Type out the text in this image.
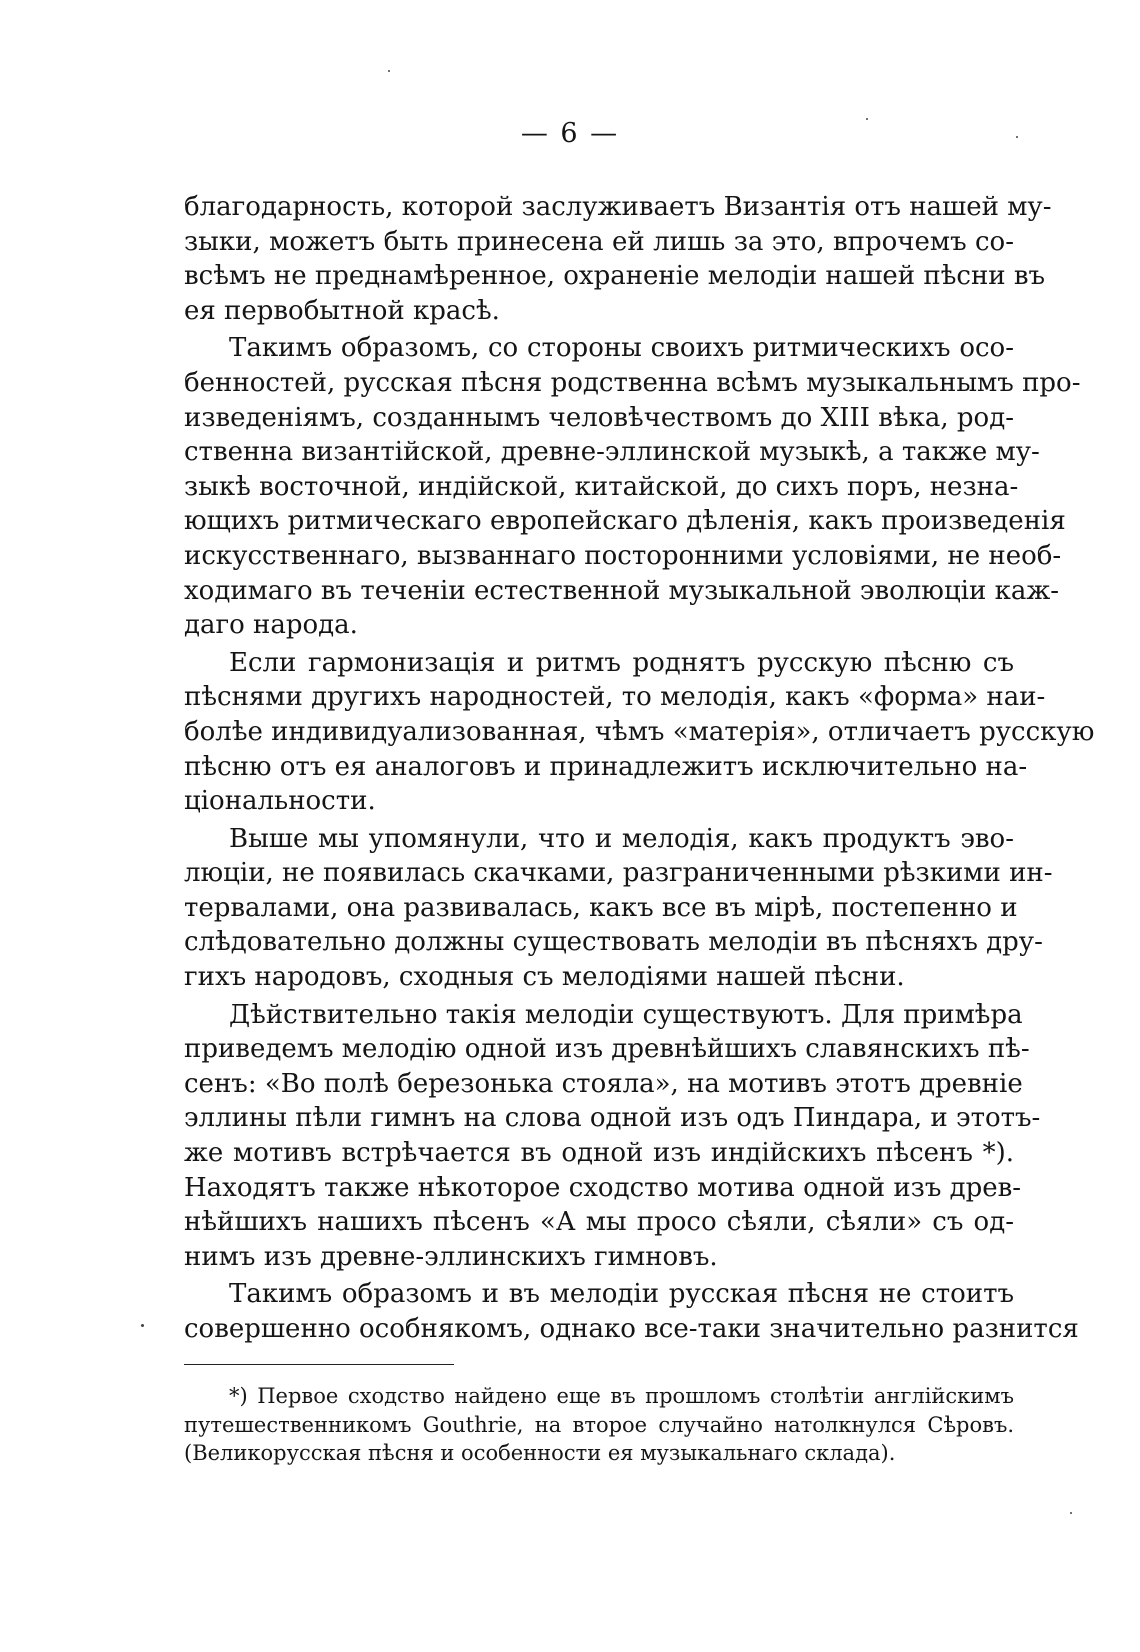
— 6 —
благодарность, которой заслуживаетъ Византія отъ нашей му-
зыки, можетъ быть принесена ей лишь за это, впрочемъ со-
всѣмъ не преднамѣренное, охраненіе мелодіи нашей пѣсни въ
ея первобытной красѣ.
Такимъ образомъ, со стороны своихъ ритмическихъ осо-
бенностей, русская пѣсня родственна всѣмъ музыкальнымъ про-
изведеніямъ, созданнымъ человѣчествомъ до XIII вѣка, род-
ственна византійской, древне-эллинской музыкѣ, а также му-
зыкѣ восточной, индійской, китайской, до сихъ поръ, незна-
ющихъ ритмическаго европейскаго дѣленія, какъ произведенія
искусственнаго, вызваннаго посторонними условіями, не необ-
ходимаго въ теченіи естественной музыкальной эволюціи каж-
даго народа.
Если гармонизація и ритмъ роднятъ русскую пѣсню съ
пѣснями другихъ народностей, то мелодія, какъ «форма» наи-
болѣе индивидуализованная, чѣмъ «матерія», отличаетъ русскую
пѣсню отъ ея аналоговъ и принадлежитъ исключительно на-
ціональности.
Выше мы упомянули, что и мелодія, какъ продуктъ эво-
люціи, не появилась скачками, разграниченными рѣзкими ин-
тервалами, она развивалась, какъ все въ мірѣ, постепенно и
слѣдовательно должны существовать мелодіи въ пѣсняхъ дру-
гихъ народовъ, сходныя съ мелодіями нашей пѣсни.
Дѣйствительно такія мелодіи существуютъ. Для примѣра
приведемъ мелодію одной изъ древнѣйшихъ славянскихъ пѣ-
сенъ: «Во полѣ березонька стояла», на мотивъ этотъ древніе
эллины пѣли гимнъ на слова одной изъ одъ Пиндара, и этотъ-
же мотивъ встрѣчается въ одной изъ индійскихъ пѣсенъ *).
Находятъ также нѣкоторое сходство мотива одной изъ древ-
нѣйшихъ нашихъ пѣсенъ «А мы просо сѣяли, сѣяли» съ од-
нимъ изъ древне-эллинскихъ гимновъ.
Такимъ образомъ и въ мелодіи русская пѣсня не стоитъ
совершенно особнякомъ, однако все-таки значительно разнится
*) Первое сходство найдено еще въ прошломъ столѣтіи англійскимъ
путешественникомъ Gouthrie, на второе случайно натолкнулся Сѣровъ.
(Великорусская пѣсня и особенности ея музыкальнаго склада).
